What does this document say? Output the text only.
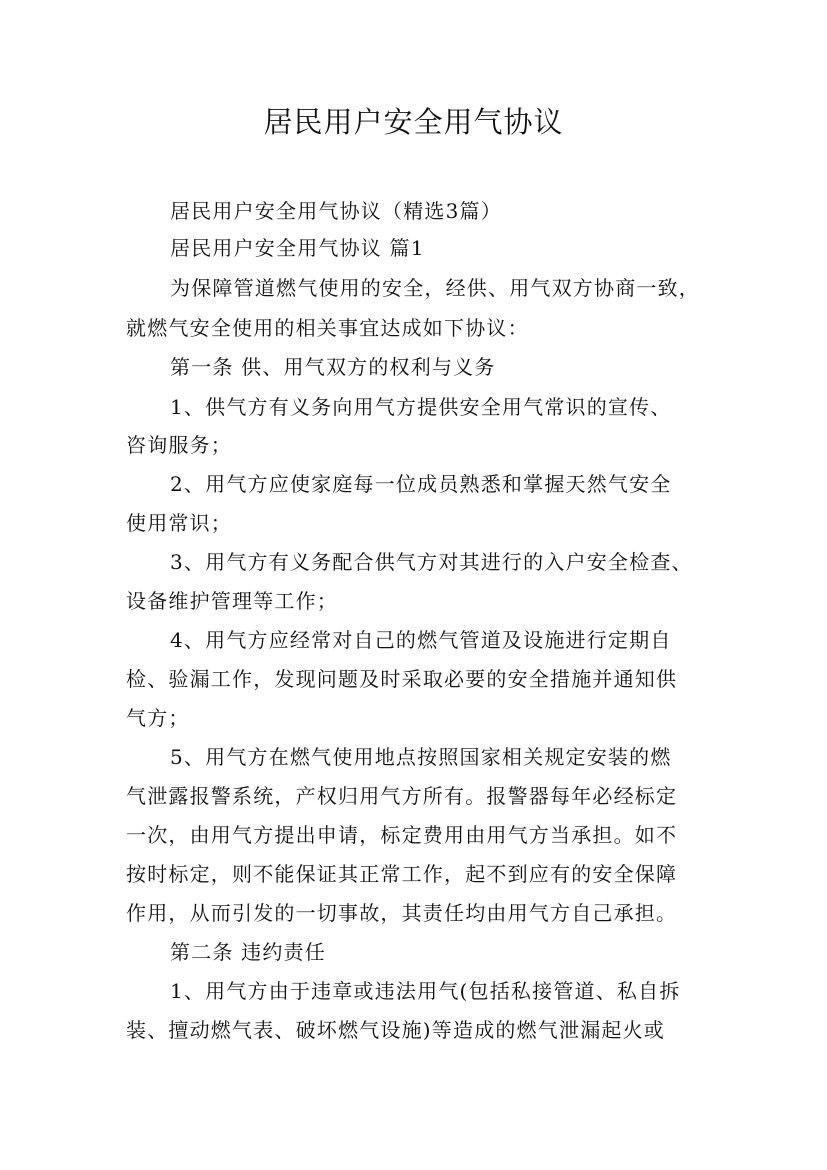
居民用户安全用气协议
居民用户安全用气协议（精选3篇）
居民用户安全用气协议 篇1
为保障管道燃气使用的安全，经供、用气双方协商一致，
就燃气安全使用的相关事宜达成如下协议：
第一条 供、用气双方的权利与义务
1、供气方有义务向用气方提供安全用气常识的宣传、
咨询服务；
2、用气方应使家庭每一位成员熟悉和掌握天然气安全
使用常识；
3、用气方有义务配合供气方对其进行的入户安全检查、
设备维护管理等工作；
4、用气方应经常对自己的燃气管道及设施进行定期自
检、验漏工作，发现问题及时采取必要的安全措施并通知供
气方；
5、用气方在燃气使用地点按照国家相关规定安装的燃
气泄露报警系统，产权归用气方所有。报警器每年必经标定
一次，由用气方提出申请，标定费用由用气方当承担。如不
按时标定，则不能保证其正常工作，起不到应有的安全保障
作用，从而引发的一切事故，其责任均由用气方自己承担。
第二条 违约责任
1、用气方由于违章或违法用气(包括私接管道、私自拆
装、擅动燃气表、破坏燃气设施)等造成的燃气泄漏起火或
